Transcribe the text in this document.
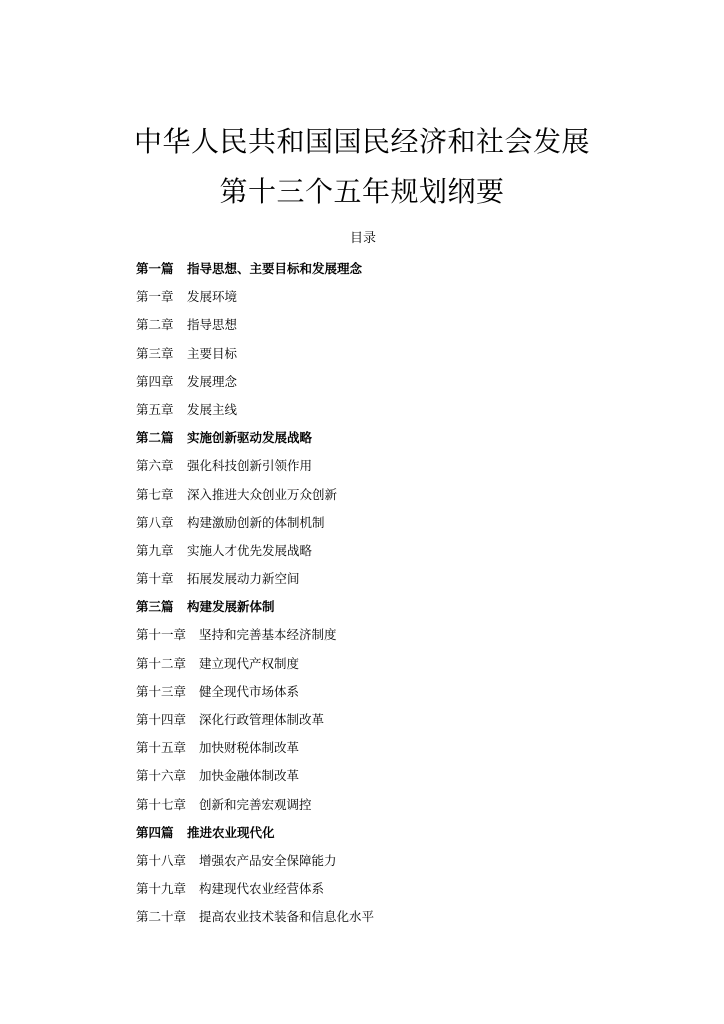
中华人民共和国国民经济和社会发展
第十三个五年规划纲要
目录
第一篇 指导思想、主要目标和发展理念
第一章 发展环境
第二章 指导思想
第三章 主要目标
第四章 发展理念
第五章 发展主线
第二篇 实施创新驱动发展战略
第六章 强化科技创新引领作用
第七章 深入推进大众创业万众创新
第八章 构建激励创新的体制机制
第九章 实施人才优先发展战略
第十章 拓展发展动力新空间
第三篇 构建发展新体制
第十一章 坚持和完善基本经济制度
第十二章 建立现代产权制度
第十三章 健全现代市场体系
第十四章 深化行政管理体制改革
第十五章 加快财税体制改革
第十六章 加快金融体制改革
第十七章 创新和完善宏观调控
第四篇 推进农业现代化
第十八章 增强农产品安全保障能力
第十九章 构建现代农业经营体系
第二十章 提高农业技术装备和信息化水平
